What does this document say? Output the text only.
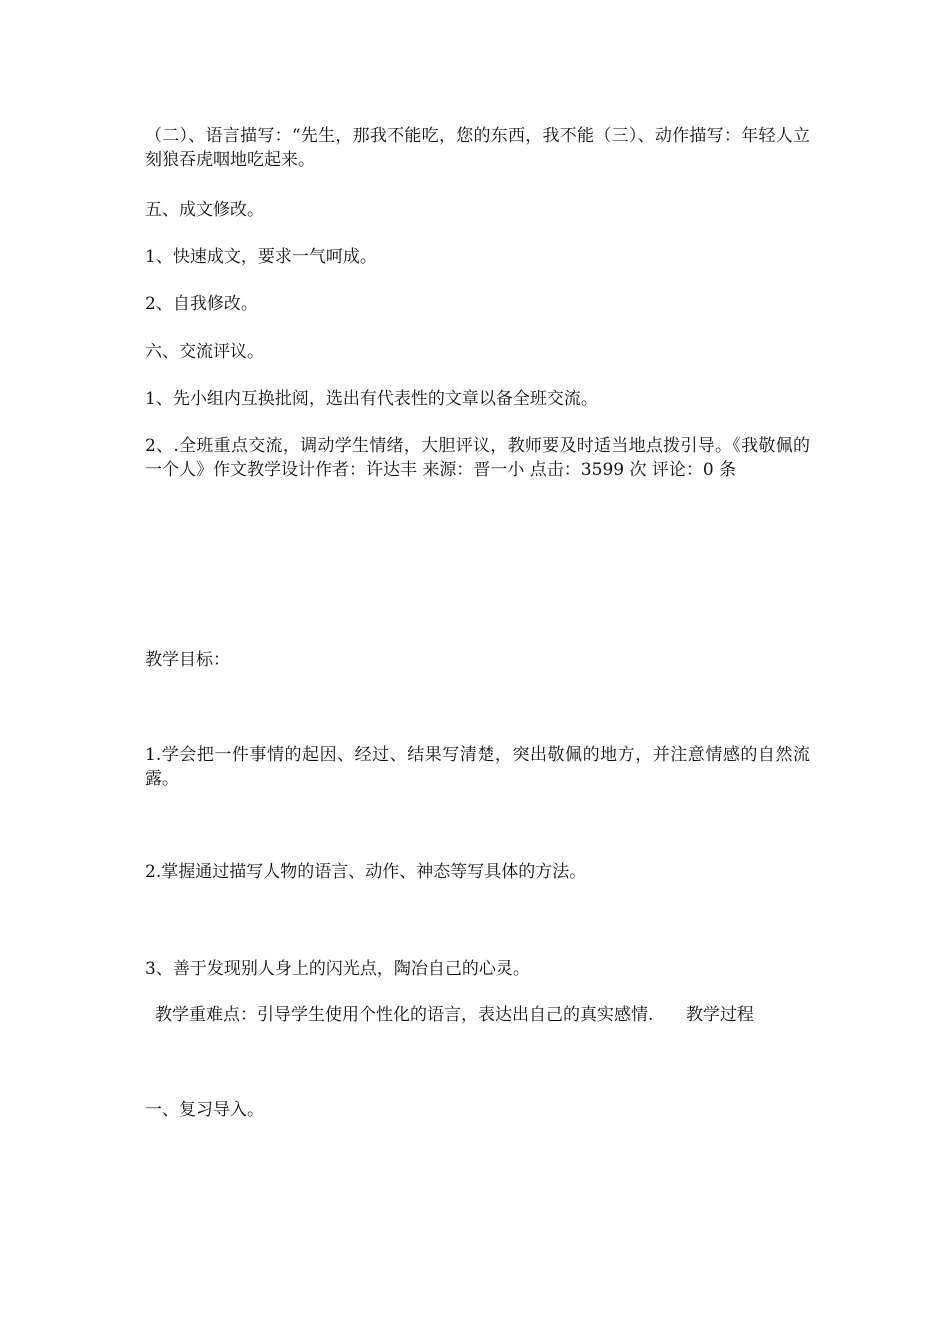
（二）、语言描写：“先生，那我不能吃，您的东西，我不能（三）、动作描写：年轻人立刻狼吞虎咽地吃起来。

五、成文修改。

1、快速成文，要求一气呵成。

2、自我修改。

六、交流评议。

1、先小组内互换批阅，选出有代表性的文章以备全班交流。

2、.全班重点交流，调动学生情绪，大胆评议，教师要及时适当地点拨引导。《我敬佩的一个人》作文教学设计作者：许达丰 来源：晋一小 点击：3599 次 评论：0 条

教学目标：

1.学会把一件事情的起因、经过、结果写清楚，突出敬佩的地方，并注意情感的自然流露。

2.掌握通过描写人物的语言、动作、神态等写具体的方法。

3、善于发现别人身上的闪光点，陶冶自己的心灵。

教学重难点：引导学生使用个性化的语言，表达出自己的真实感情.      教学过程

一、复习导入。
